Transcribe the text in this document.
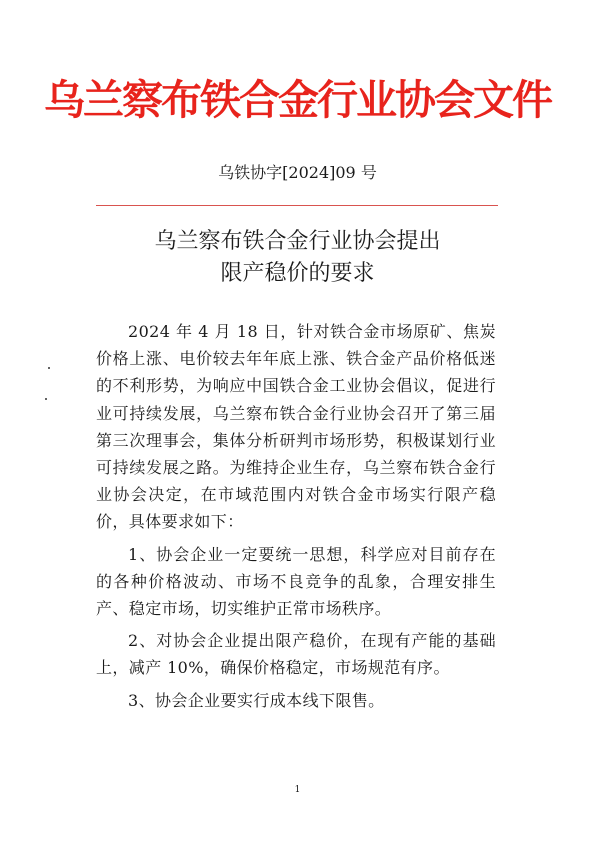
乌兰察布铁合金行业协会文件
乌铁协字[2024]09 号
乌兰察布铁合金行业协会提出
限产稳价的要求

2024 年 4 月 18 日，针对铁合金市场原矿、焦炭价格上涨、电价较去年年底上涨、铁合金产品价格低迷的不利形势，为响应中国铁合金工业协会倡议，促进行业可持续发展，乌兰察布铁合金行业协会召开了第三届第三次理事会，集体分析研判市场形势，积极谋划行业可持续发展之路。为维持企业生存，乌兰察布铁合金行业协会决定，在市域范围内对铁合金市场实行限产稳价，具体要求如下：

1、协会企业一定要统一思想，科学应对目前存在的各种价格波动、市场不良竞争的乱象，合理安排生产、稳定市场，切实维护正常市场秩序。

2、对协会企业提出限产稳价，在现有产能的基础上，减产 10%，确保价格稳定，市场规范有序。

3、协会企业要实行成本线下限售。

1
